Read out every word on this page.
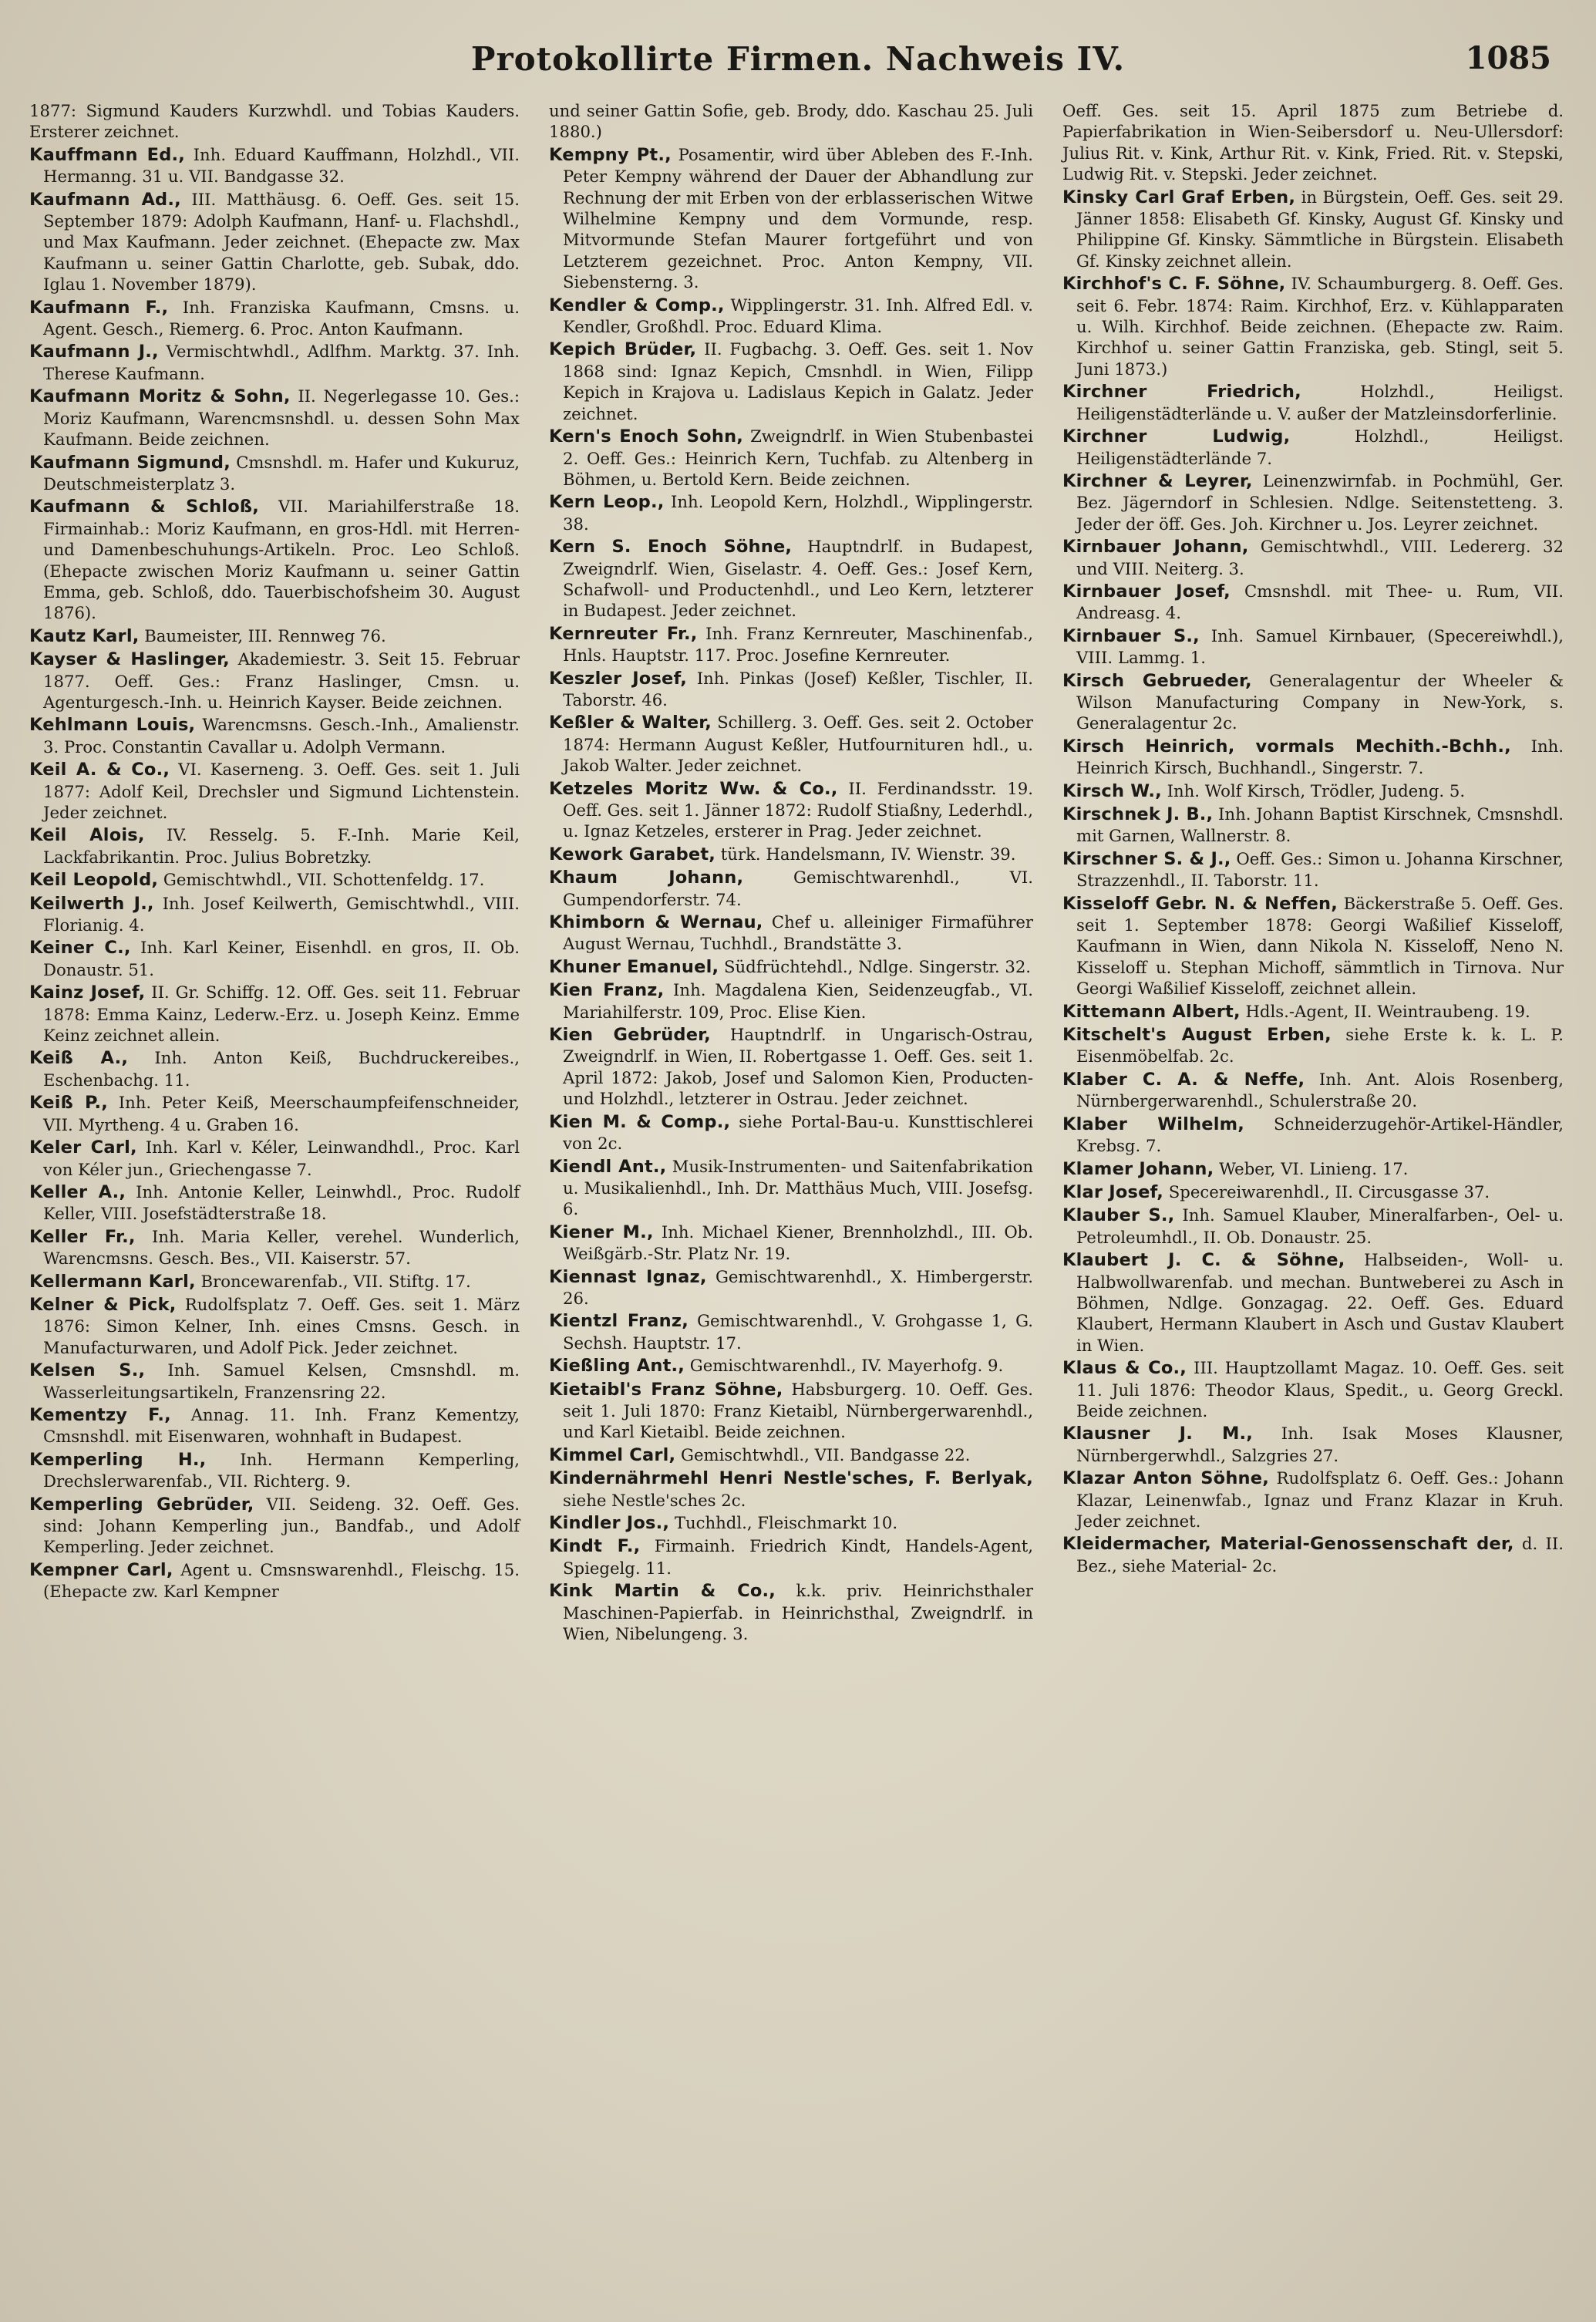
Protokollirte Firmen. Nachweis IV.	1085
1877: Sigmund Kauders Kurzwhdl. und Tobias Kauders. Ersterer zeichnet.
Kauffmann Ed., Inh. Eduard Kauffmann, Holzhdl., VII. Hermanng. 31 u. VII. Bandgasse 32.
Kaufmann Ad., III. Matthäusg. 6. Oeff. Ges. seit 15. September 1879: Adolph Kaufmann, Hanf- u. Flachshdl., und Max Kaufmann. Jeder zeichnet. (Ehepacte zw. Max Kaufmann u. seiner Gattin Charlotte, geb. Subak, ddo. Iglau 1. November 1879).
Kaufmann F., Inh. Franziska Kaufmann, Cmsns. u. Agent. Gesch., Riemerg. 6. Proc. Anton Kaufmann.
Kaufmann J., Vermischtwhdl., Adlfhm. Marktg. 37. Inh. Therese Kaufmann.
Kaufmann Moritz & Sohn, II. Negerlegasse 10. Ges.: Moriz Kaufmann, Warencmsnshdl. u. dessen Sohn Max Kaufmann. Beide zeichnen.
Kaufmann Sigmund, Cmsnshdl. m. Hafer und Kukuruz, Deutschmeisterplatz 3.
Kaufmann & Schloß, VII. Mariahilferstraße 18. Firmainhab.: Moriz Kaufmann, en gros-Hdl. mit Herren- und Damenbeschuhungs-Artikeln. Proc. Leo Schloß. (Ehepacte zwischen Moriz Kaufmann u. seiner Gattin Emma, geb. Schloß, ddo. Tauerbischofsheim 30. August 1876).
Kautz Karl, Baumeister, III. Rennweg 76.
Kayser & Haslinger, Akademiestr. 3. Seit 15. Februar 1877. Oeff. Ges.: Franz Haslinger, Cmsn. u. Agenturgesch.-Inh. u. Heinrich Kayser. Beide zeichnen.
Kehlmann Louis, Warencmsns. Gesch.-Inh., Amalienstr. 3. Proc. Constantin Cavallar u. Adolph Vermann.
Keil A. & Co., VI. Kaserneng. 3. Oeff. Ges. seit 1. Juli 1877: Adolf Keil, Drechsler und Sigmund Lichtenstein. Jeder zeichnet.
Keil Alois, IV. Resselg. 5. F.-Inh. Marie Keil, Lackfabrikantin. Proc. Julius Bobretzky.
Keil Leopold, Gemischtwhdl., VII. Schottenfeldg. 17.
Keilwerth J., Inh. Josef Keilwerth, Gemischtwhdl., VIII. Florianig. 4.
Keiner C., Inh. Karl Keiner, Eisenhdl. en gros, II. Ob. Donaustr. 51.
Kainz Josef, II. Gr. Schiffg. 12. Off. Ges. seit 11. Februar 1878: Emma Kainz, Lederw.-Erz. u. Joseph Keinz. Emme Keinz zeichnet allein.
Keiß A., Inh. Anton Keiß, Buchdruckereibes., Eschenbachg. 11.
Keiß P., Inh. Peter Keiß, Meerschaumpfeifenschneider, VII. Myrtheng. 4 u. Graben 16.
Keler Carl, Inh. Karl v. Kéler, Leinwandhdl., Proc. Karl von Kéler jun., Griechengasse 7.
Keller A., Inh. Antonie Keller, Leinwhdl., Proc. Rudolf Keller, VIII. Josefstädterstraße 18.
Keller Fr., Inh. Maria Keller, verehel. Wunderlich, Warencmsns. Gesch. Bes., VII. Kaiserstr. 57.
Kellermann Karl, Broncewarenfab., VII. Stiftg. 17.
Kelner & Pick, Rudolfsplatz 7. Oeff. Ges. seit 1. März 1876: Simon Kelner, Inh. eines Cmsns. Gesch. in Manufacturwaren, und Adolf Pick. Jeder zeichnet.
Kelsen S., Inh. Samuel Kelsen, Cmsnshdl. m. Wasserleitungsartikeln, Franzensring 22.
Kementzy F., Annag. 11. Inh. Franz Kementzy, Cmsnshdl. mit Eisenwaren, wohnhaft in Budapest.
Kemperling H., Inh. Hermann Kemperling, Drechslerwarenfab., VII. Richterg. 9.
Kemperling Gebrüder, VII. Seideng. 32. Oeff. Ges. sind: Johann Kemperling jun., Bandfab., und Adolf Kemperling. Jeder zeichnet.
Kempner Carl, Agent u. Cmsnswarenhdl., Fleischg. 15. (Ehepacte zw. Karl Kempner
und seiner Gattin Sofie, geb. Brody, ddo. Kaschau 25. Juli 1880.)
Kempny Pt., Posamentir, wird über Ableben des F.-Inh. Peter Kempny während der Dauer der Abhandlung zur Rechnung der mit Erben von der erblasserischen Witwe Wilhelmine Kempny und dem Vormunde, resp. Mitvormunde Stefan Maurer fortgeführt und von Letzterem gezeichnet. Proc. Anton Kempny, VII. Siebensterng. 3.
Kendler & Comp., Wipplingerstr. 31. Inh. Alfred Edl. v. Kendler, Großhdl. Proc. Eduard Klima.
Kepich Brüder, II. Fugbachg. 3. Oeff. Ges. seit 1. Nov 1868 sind: Ignaz Kepich, Cmsnhdl. in Wien, Filipp Kepich in Krajova u. Ladislaus Kepich in Galatz. Jeder zeichnet.
Kern's Enoch Sohn, Zweigndrlf. in Wien Stubenbastei 2. Oeff. Ges.: Heinrich Kern, Tuchfab. zu Altenberg in Böhmen, u. Bertold Kern. Beide zeichnen.
Kern Leop., Inh. Leopold Kern, Holzhdl., Wipplingerstr. 38.
Kern S. Enoch Söhne, Hauptndrlf. in Budapest, Zweigndrlf. Wien, Giselastr. 4. Oeff. Ges.: Josef Kern, Schafwoll- und Productenhdl., und Leo Kern, letzterer in Budapest. Jeder zeichnet.
Kernreuter Fr., Inh. Franz Kernreuter, Maschinenfab., Hnls. Hauptstr. 117. Proc. Josefine Kernreuter.
Keszler Josef, Inh. Pinkas (Josef) Keßler, Tischler, II. Taborstr. 46.
Keßler & Walter, Schillerg. 3. Oeff. Ges. seit 2. October 1874: Hermann August Keßler, Hutfournituren hdl., u. Jakob Walter. Jeder zeichnet.
Ketzeles Moritz Ww. & Co., II. Ferdinandsstr. 19. Oeff. Ges. seit 1. Jänner 1872: Rudolf Stiaßny, Lederhdl., u. Ignaz Ketzeles, ersterer in Prag. Jeder zeichnet.
Kework Garabet, türk. Handelsmann, IV. Wienstr. 39.
Khaum Johann, Gemischtwarenhdl., VI. Gumpendorferstr. 74.
Khimborn & Wernau, Chef u. alleiniger Firmaführer August Wernau, Tuchhdl., Brandstätte 3.
Khuner Emanuel, Südfrüchtehdl., Ndlge. Singerstr. 32.
Kien Franz, Inh. Magdalena Kien, Seidenzeugfab., VI. Mariahilferstr. 109, Proc. Elise Kien.
Kien Gebrüder, Hauptndrlf. in Ungarisch-Ostrau, Zweigndrlf. in Wien, II. Robertgasse 1. Oeff. Ges. seit 1. April 1872: Jakob, Josef und Salomon Kien, Producten- und Holzhdl., letzterer in Ostrau. Jeder zeichnet.
Kien M. & Comp., siehe Portal-Bau-u. Kunsttischlerei von 2c.
Kiendl Ant., Musik-Instrumenten- und Saitenfabrikation u. Musikalienhdl., Inh. Dr. Matthäus Much, VIII. Josefsg. 6.
Kiener M., Inh. Michael Kiener, Brennholzhdl., III. Ob. Weißgärb.-Str. Platz Nr. 19.
Kiennast Ignaz, Gemischtwarenhdl., X. Himbergerstr. 26.
Kientzl Franz, Gemischtwarenhdl., V. Grohgasse 1, G. Sechsh. Hauptstr. 17.
Kießling Ant., Gemischtwarenhdl., IV. Mayerhofg. 9.
Kietaibl's Franz Söhne, Habsburgerg. 10. Oeff. Ges. seit 1. Juli 1870: Franz Kietaibl, Nürnbergerwarenhdl., und Karl Kietaibl. Beide zeichnen.
Kimmel Carl, Gemischtwhdl., VII. Bandgasse 22.
Kindernährmehl Henri Nestle'sches, F. Berlyak, siehe Nestle'sches 2c.
Kindler Jos., Tuchhdl., Fleischmarkt 10.
Kindt F., Firmainh. Friedrich Kindt, Handels-Agent, Spiegelg. 11.
Kink Martin & Co., k.k. priv. Heinrichsthaler Maschinen-Papierfab. in Heinrichsthal, Zweigndrlf. in Wien, Nibelungeng. 3.
Oeff. Ges. seit 15. April 1875 zum Betriebe d. Papierfabrikation in Wien-Seibersdorf u. Neu-Ullersdorf: Julius Rit. v. Kink, Arthur Rit. v. Kink, Fried. Rit. v. Stepski, Ludwig Rit. v. Stepski. Jeder zeichnet.
Kinsky Carl Graf Erben, in Bürgstein, Oeff. Ges. seit 29. Jänner 1858: Elisabeth Gf. Kinsky, August Gf. Kinsky und Philippine Gf. Kinsky. Sämmtliche in Bürgstein. Elisabeth Gf. Kinsky zeichnet allein.
Kirchhof's C. F. Söhne, IV. Schaumburgerg. 8. Oeff. Ges. seit 6. Febr. 1874: Raim. Kirchhof, Erz. v. Kühlapparaten u. Wilh. Kirchhof. Beide zeichnen. (Ehepacte zw. Raim. Kirchhof u. seiner Gattin Franziska, geb. Stingl, seit 5. Juni 1873.)
Kirchner Friedrich, Holzhdl., Heiligst. Heiligenstädterlände u. V. außer der Matzleinsdorferlinie.
Kirchner Ludwig, Holzhdl., Heiligst. Heiligenstädterlände 7.
Kirchner & Leyrer, Leinenzwirnfab. in Pochmühl, Ger. Bez. Jägerndorf in Schlesien. Ndlge. Seitenstetteng. 3. Jeder der öff. Ges. Joh. Kirchner u. Jos. Leyrer zeichnet.
Kirnbauer Johann, Gemischtwhdl., VIII. Ledererg. 32 und VIII. Neiterg. 3.
Kirnbauer Josef, Cmsnshdl. mit Thee- u. Rum, VII. Andreasg. 4.
Kirnbauer S., Inh. Samuel Kirnbauer, (Specereiwhdl.), VIII. Lammg. 1.
Kirsch Gebrueder, Generalagentur der Wheeler & Wilson Manufacturing Company in New-York, s. Generalagentur 2c.
Kirsch Heinrich, vormals Mechith.-Bchh., Inh. Heinrich Kirsch, Buchhandl., Singerstr. 7.
Kirsch W., Inh. Wolf Kirsch, Trödler, Judeng. 5.
Kirschnek J. B., Inh. Johann Baptist Kirschnek, Cmsnshdl. mit Garnen, Wallnerstr. 8.
Kirschner S. & J., Oeff. Ges.: Simon u. Johanna Kirschner, Strazzenhdl., II. Taborstr. 11.
Kisseloff Gebr. N. & Neffen, Bäckerstraße 5. Oeff. Ges. seit 1. September 1878: Georgi Waßilief Kisseloff, Kaufmann in Wien, dann Nikola N. Kisseloff, Neno N. Kisseloff u. Stephan Michoff, sämmtlich in Tirnova. Nur Georgi Waßilief Kisseloff, zeichnet allein.
Kittemann Albert, Hdls.-Agent, II. Weintraubeng. 19.
Kitschelt's August Erben, siehe Erste k. k. L. P. Eisenmöbelfab. 2c.
Klaber C. A. & Neffe, Inh. Ant. Alois Rosenberg, Nürnbergerwarenhdl., Schulerstraße 20.
Klaber Wilhelm, Schneiderzugehör-Artikel-Händler, Krebsg. 7.
Klamer Johann, Weber, VI. Linieng. 17.
Klar Josef, Specereiwarenhdl., II. Circusgasse 37.
Klauber S., Inh. Samuel Klauber, Mineralfarben-, Oel- u. Petroleumhdl., II. Ob. Donaustr. 25.
Klaubert J. C. & Söhne, Halbseiden-, Woll- u. Halbwollwarenfab. und mechan. Buntweberei zu Asch in Böhmen, Ndlge. Gonzagag. 22. Oeff. Ges. Eduard Klaubert, Hermann Klaubert in Asch und Gustav Klaubert in Wien.
Klaus & Co., III. Hauptzollamt Magaz. 10. Oeff. Ges. seit 11. Juli 1876: Theodor Klaus, Spedit., u. Georg Greckl. Beide zeichnen.
Klausner J. M., Inh. Isak Moses Klausner, Nürnbergerwhdl., Salzgries 27.
Klazar Anton Söhne, Rudolfsplatz 6. Oeff. Ges.: Johann Klazar, Leinenwfab., Ignaz und Franz Klazar in Kruh. Jeder zeichnet.
Kleidermacher, Material-Genossenschaft der, d. II. Bez., siehe Material- 2c.
